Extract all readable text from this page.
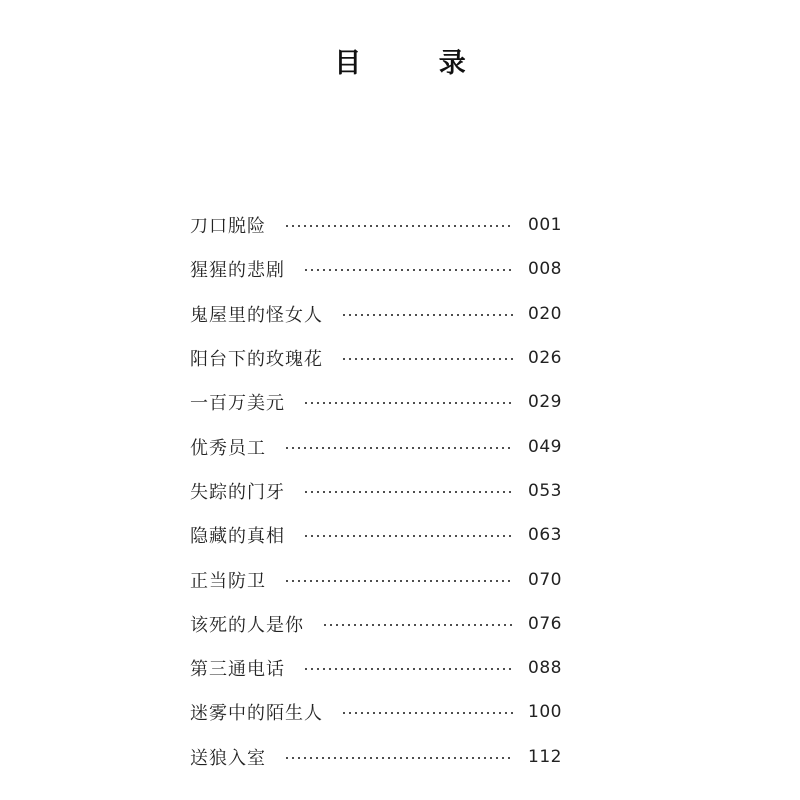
目 录
刀口脱险	001
猩猩的悲剧	008
鬼屋里的怪女人	020
阳台下的玫瑰花	026
一百万美元	029
优秀员工	049
失踪的门牙	053
隐藏的真相	063
正当防卫	070
该死的人是你	076
第三通电话	088
迷雾中的陌生人	100
送狼入室	112
